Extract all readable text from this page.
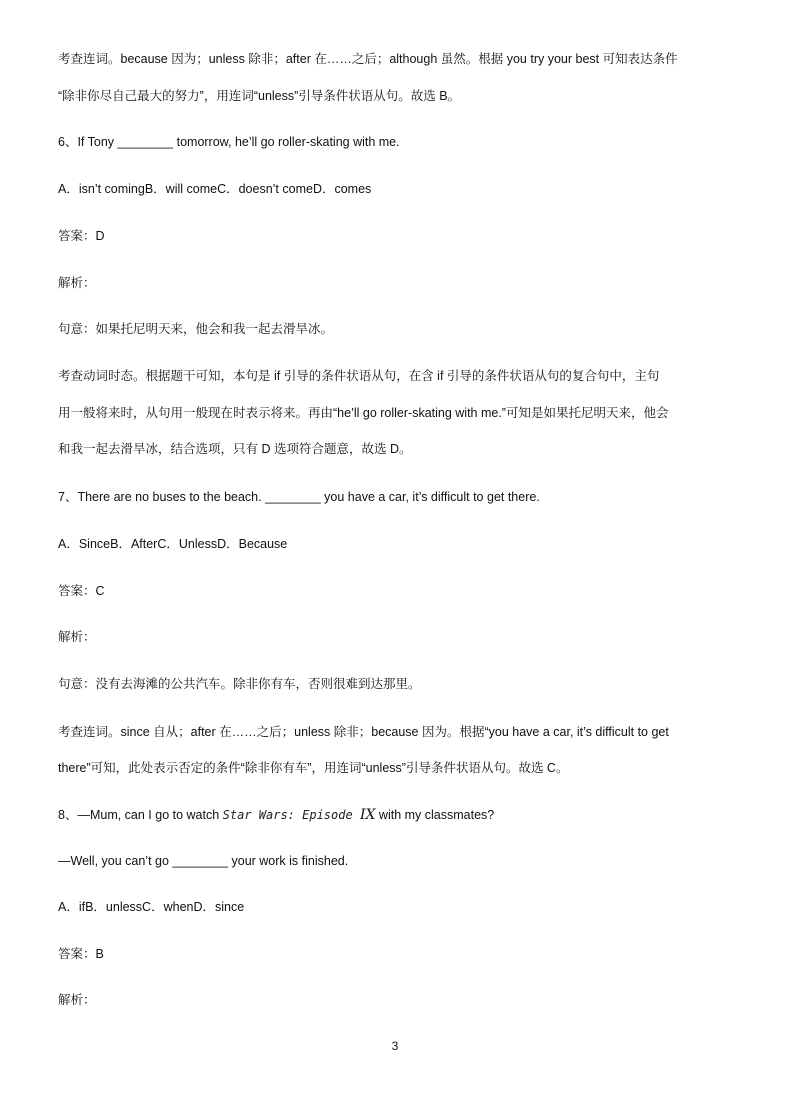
考查连词。because 因为；unless 除非；after 在……之后；although 虽然。根据 you try your best 可知表达条件
“除非你尽自己最大的努力”，用连词“unless”引导条件状语从句。故选 B。
6、If Tony ________ tomorrow, he’ll go roller-skating with me.
A．isn’t comingB．will comeC．doesn’t comeD．comes
答案：D
解析：
句意：如果托尼明天来，他会和我一起去滑旱冰。
考查动词时态。根据题干可知，本句是 if 引导的条件状语从句，在含 if 引导的条件状语从句的复合句中，主句
用一般将来时，从句用一般现在时表示将来。再由“he’ll go roller-skating with me.”可知是如果托尼明天来，他会
和我一起去滑旱冰，结合选项，只有 D 选项符合题意，故选 D。
7、There are no buses to the beach. ________ you have a car, it’s difficult to get there.
A．SinceB．AfterC．UnlessD．Because
答案：C
解析：
句意：没有去海滩的公共汽车。除非你有车，否则很难到达那里。
考查连词。since 自从；after 在……之后；unless 除非；because 因为。根据“you have a car, it’s difficult to get
there”可知，此处表示否定的条件“除非你有车”，用连词“unless”引导条件状语从句。故选 C。
8、—Mum, can I go to watch Star Wars: Episode IX with my classmates?
—Well, you can’t go ________ your work is finished.
A．ifB．unlessC．whenD．since
答案：B
解析：
3
